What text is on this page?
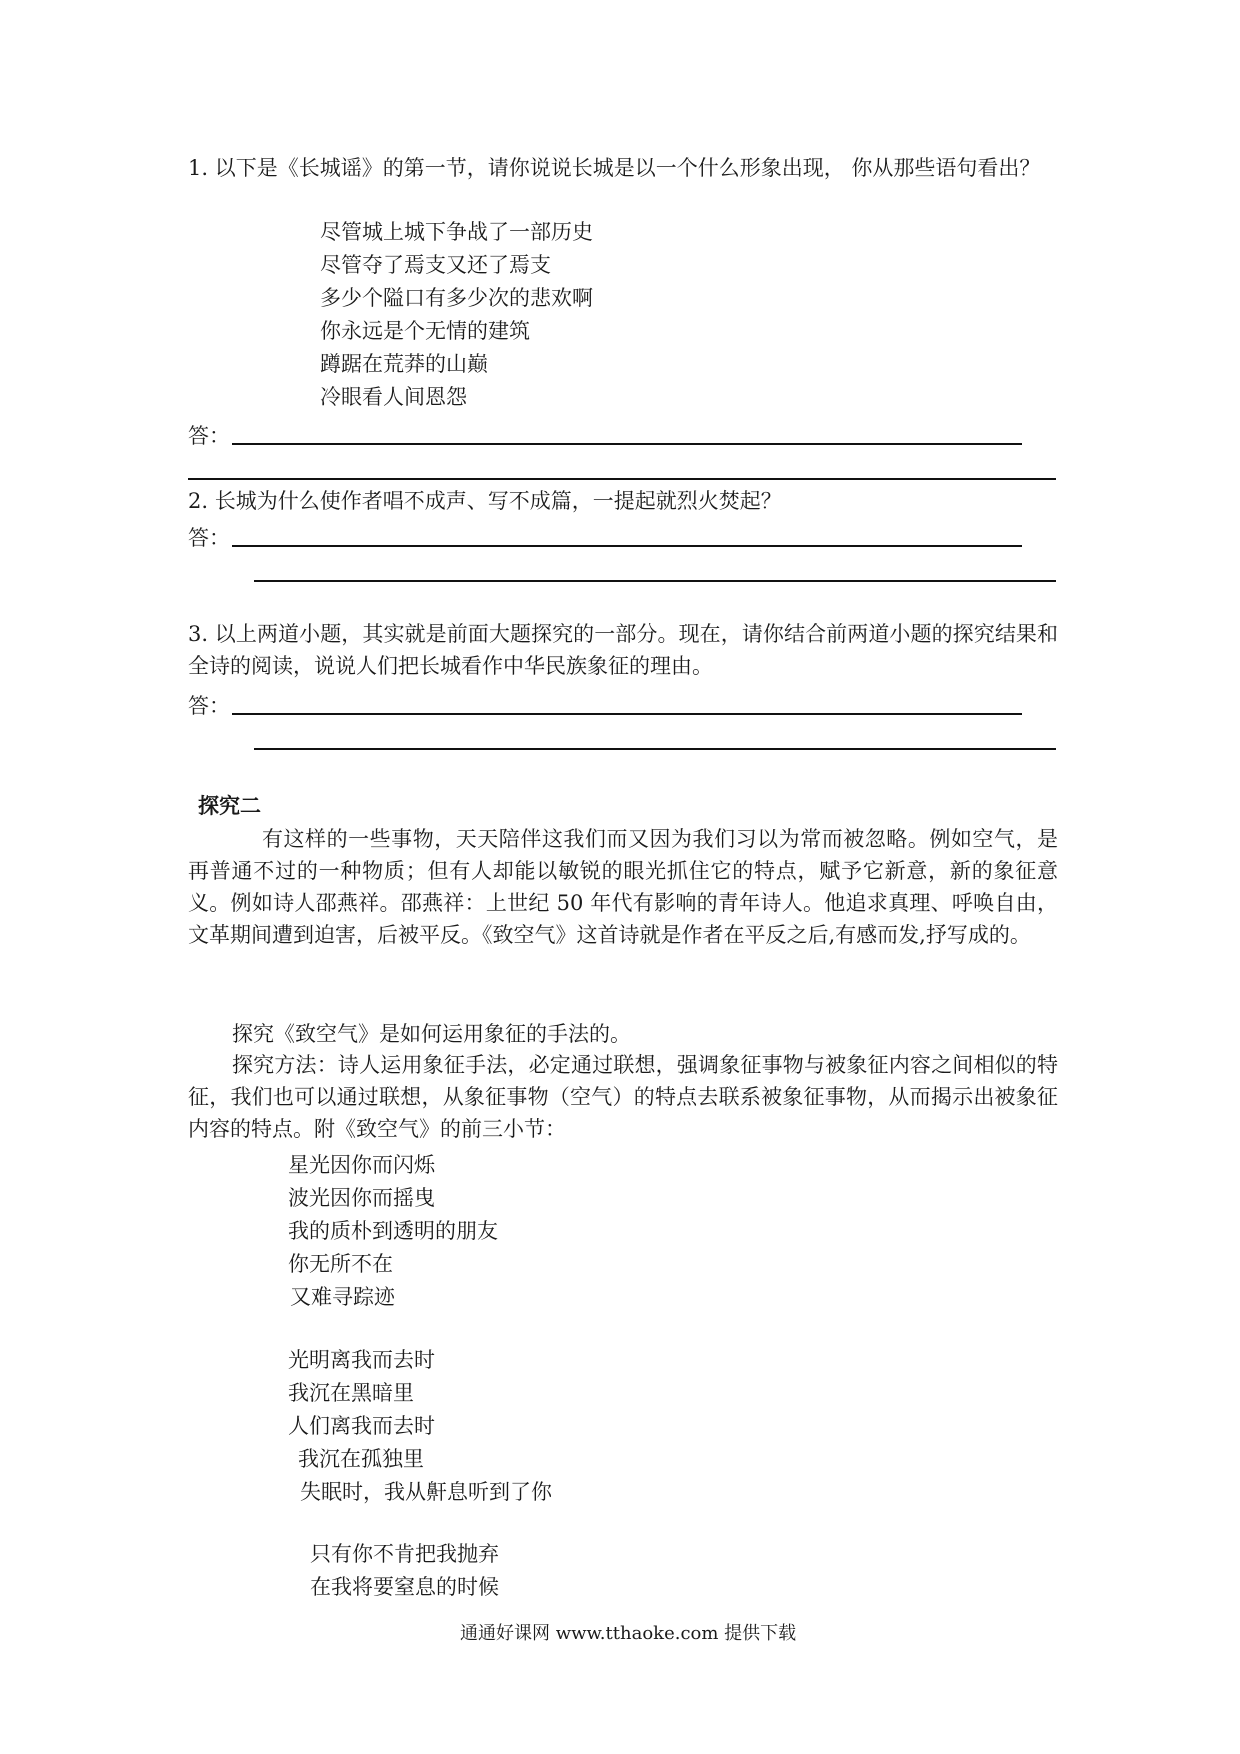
1. 以下是《长城谣》的第一节，请你说说长城是以一个什么形象出现， 你从那些语句看出？
尽管城上城下争战了一部历史
尽管夺了焉支又还了焉支
多少个隘口有多少次的悲欢啊
你永远是个无情的建筑
蹲踞在荒莽的山巅
冷眼看人间恩怨
答：
2. 长城为什么使作者唱不成声、写不成篇，一提起就烈火焚起？
答：
3. 以上两道小题，其实就是前面大题探究的一部分。现在，请你结合前两道小题的探究结果和全诗的阅读，说说人们把长城看作中华民族象征的理由。
答：
探究二
有这样的一些事物，天天陪伴这我们而又因为我们习以为常而被忽略。例如空气，是再普通不过的一种物质；但有人却能以敏锐的眼光抓住它的特点，赋予它新意，新的象征意义。例如诗人邵燕祥。邵燕祥：上世纪 50 年代有影响的青年诗人。他追求真理、呼唤自由，文革期间遭到迫害，后被平反。《致空气》这首诗就是作者在平反之后,有感而发,抒写成的。
探究《致空气》是如何运用象征的手法的。
探究方法：诗人运用象征手法，必定通过联想，强调象征事物与被象征内容之间相似的特征，我们也可以通过联想，从象征事物（空气）的特点去联系被象征事物，从而揭示出被象征内容的特点。附《致空气》的前三小节：
星光因你而闪烁
波光因你而摇曳
我的质朴到透明的朋友
你无所不在
又难寻踪迹
光明离我而去时
我沉在黑暗里
人们离我而去时
我沉在孤独里
失眠时，我从鼾息听到了你
只有你不肯把我抛弃
在我将要窒息的时候
通通好课网 www.tthaoke.com 提供下载
